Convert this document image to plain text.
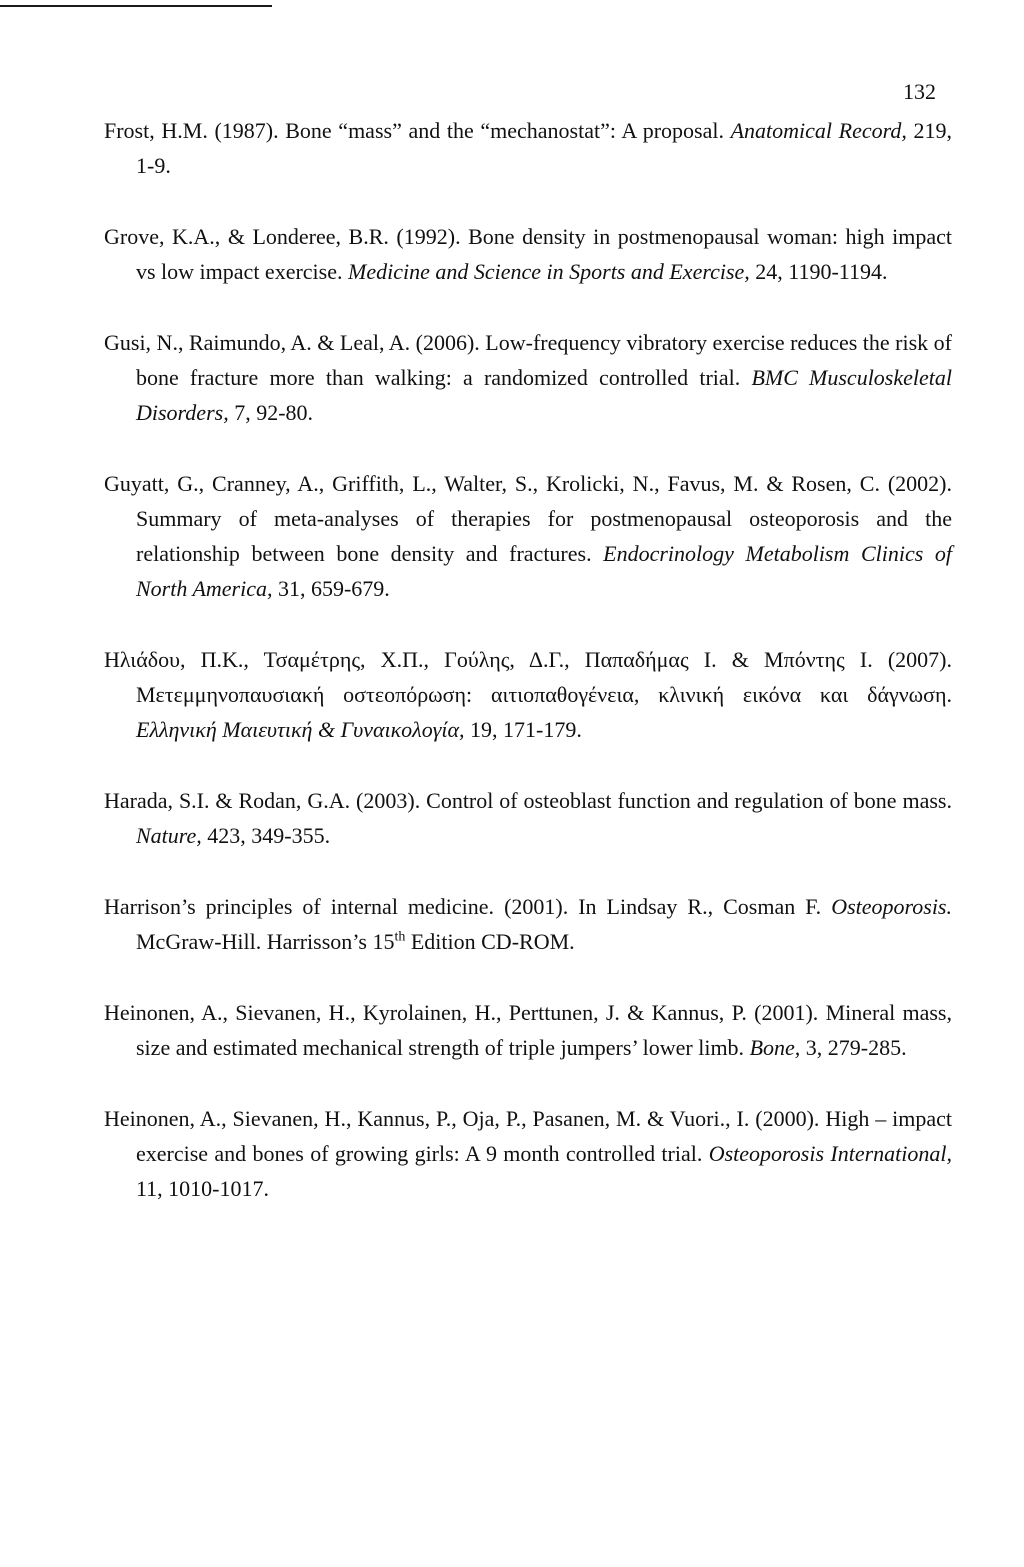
132

Frost, H.M. (1987). Bone “mass” and the “mechanostat”: A proposal. Anatomical Record, 219, 1-9.

Grove, K.A., & Londeree, B.R. (1992). Bone density in postmenopausal woman: high impact vs low impact exercise. Medicine and Science in Sports and Exercise, 24, 1190-1194.

Gusi, N., Raimundo, A. & Leal, A. (2006). Low-frequency vibratory exercise reduces the risk of bone fracture more than walking: a randomized controlled trial. BMC Musculoskeletal Disorders, 7, 92-80.

Guyatt, G., Cranney, A., Griffith, L., Walter, S., Krolicki, N., Favus, M. & Rosen, C. (2002). Summary of meta-analyses of therapies for postmenopausal osteoporosis and the relationship between bone density and fractures. Endocrinology Metabolism Clinics of North America, 31, 659-679.

Ηλιάδου, Π.Κ., Τσαμέτρης, Χ.Π., Γούλης, Δ.Γ., Παπαδήμας Ι. & Μπόντης Ι. (2007). Μετεμμηνοπαυσιακή οστεοπόρωση: αιτιοπαθογένεια, κλινική εικόνα και δάγνωση. Ελληνική Μαιευτική & Γυναικολογία, 19, 171-179.

Harada, S.I. & Rodan, G.A. (2003). Control of osteoblast function and regulation of bone mass. Nature, 423, 349-355.

Harrison’s principles of internal medicine. (2001). In Lindsay R., Cosman F. Osteoporosis. McGraw-Hill. Harrisson’s 15th Edition CD-ROM.

Heinonen, A., Sievanen, H., Kyrolainen, H., Perttunen, J. & Kannus, P. (2001). Mineral mass, size and estimated mechanical strength of triple jumpers’ lower limb. Bone, 3, 279-285.

Heinonen, A., Sievanen, H., Kannus, P., Oja, P., Pasanen, M. & Vuori., I. (2000). High – impact exercise and bones of growing girls: A 9 month controlled trial. Osteoporosis International, 11, 1010-1017.
